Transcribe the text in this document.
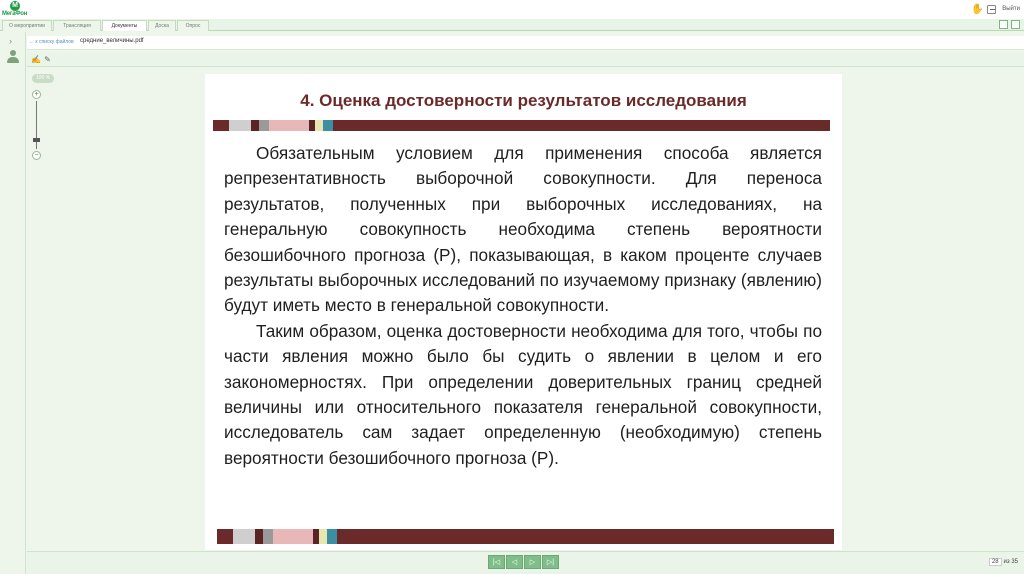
М
МегаФон	✋	Выйти
О мероприятии	Трансляция	Документы	Доска	Опрос
›	← к списку файлов средние_величины.pdf
✍ ✎
100 %
+
−
4. Оценка достоверности результатов исследования

Обязательным условием для применения способа является репрезентативность выборочной совокупности. Для переноса результатов, полученных при выборочных исследованиях, на генеральную совокупность необходима степень вероятности безошибочного прогноза (Р), показывающая, в каком проценте случаев результаты выборочных исследований по изучаемому признаку (явлению) будут иметь место в генеральной совокупности.

Таким образом, оценка достоверности необходима для того, чтобы по части явления можно было бы судить о явлении в целом и его закономерностях. При определении доверительных границ средней величины или относительного показателя генеральной совокупности, исследователь сам задает определенную (необходимую) степень вероятности безошибочного прогноза (Р).

|◁	◁	▷	▷|	28 из 35
